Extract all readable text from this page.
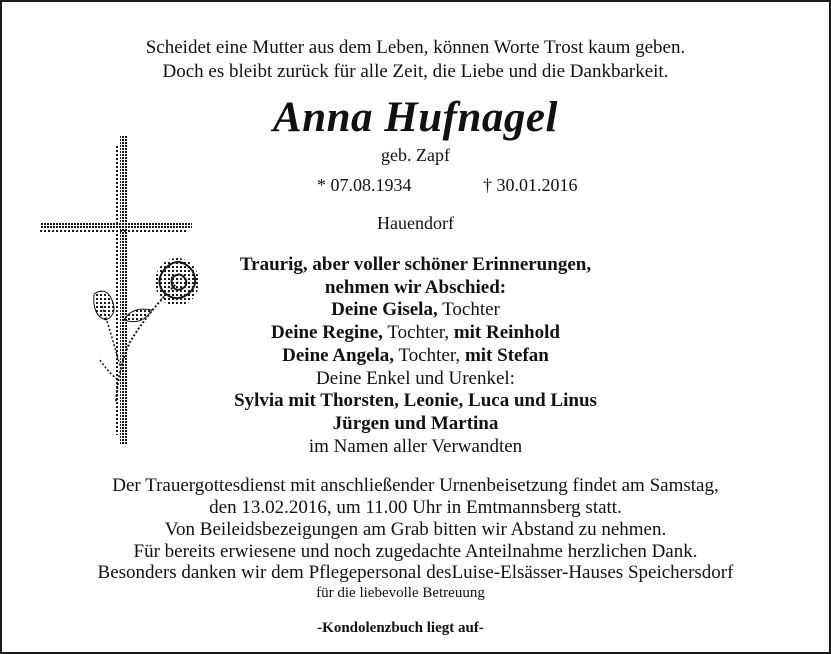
Scheidet eine Mutter aus dem Leben, können Worte Trost kaum geben.
Doch es bleibt zurück für alle Zeit, die Liebe und die Dankbarkeit.
Anna Hufnagel
geb. Zapf
* 07.08.1934	† 30.01.2016
Hauendorf
Traurig, aber voller schöner Erinnerungen,
nehmen wir Abschied:
Deine Gisela, Tochter
Deine Regine, Tochter, mit Reinhold
Deine Angela, Tochter, mit Stefan
Deine Enkel und Urenkel:
Sylvia mit Thorsten, Leonie, Luca und Linus
Jürgen und Martina
im Namen aller Verwandten
Der Trauergottesdienst mit anschließender Urnenbeisetzung findet am Samstag,
den 13.02.2016, um 11.00 Uhr in Emtmannsberg statt.
Von Beileidsbezeigungen am Grab bitten wir Abstand zu nehmen.
Für bereits erwiesene und noch zugedachte Anteilnahme herzlichen Dank.
Besonders danken wir dem Pflegepersonal desLuise-Elsässer-Hauses Speichersdorf
für die liebevolle Betreuung
-Kondolenzbuch liegt auf-
